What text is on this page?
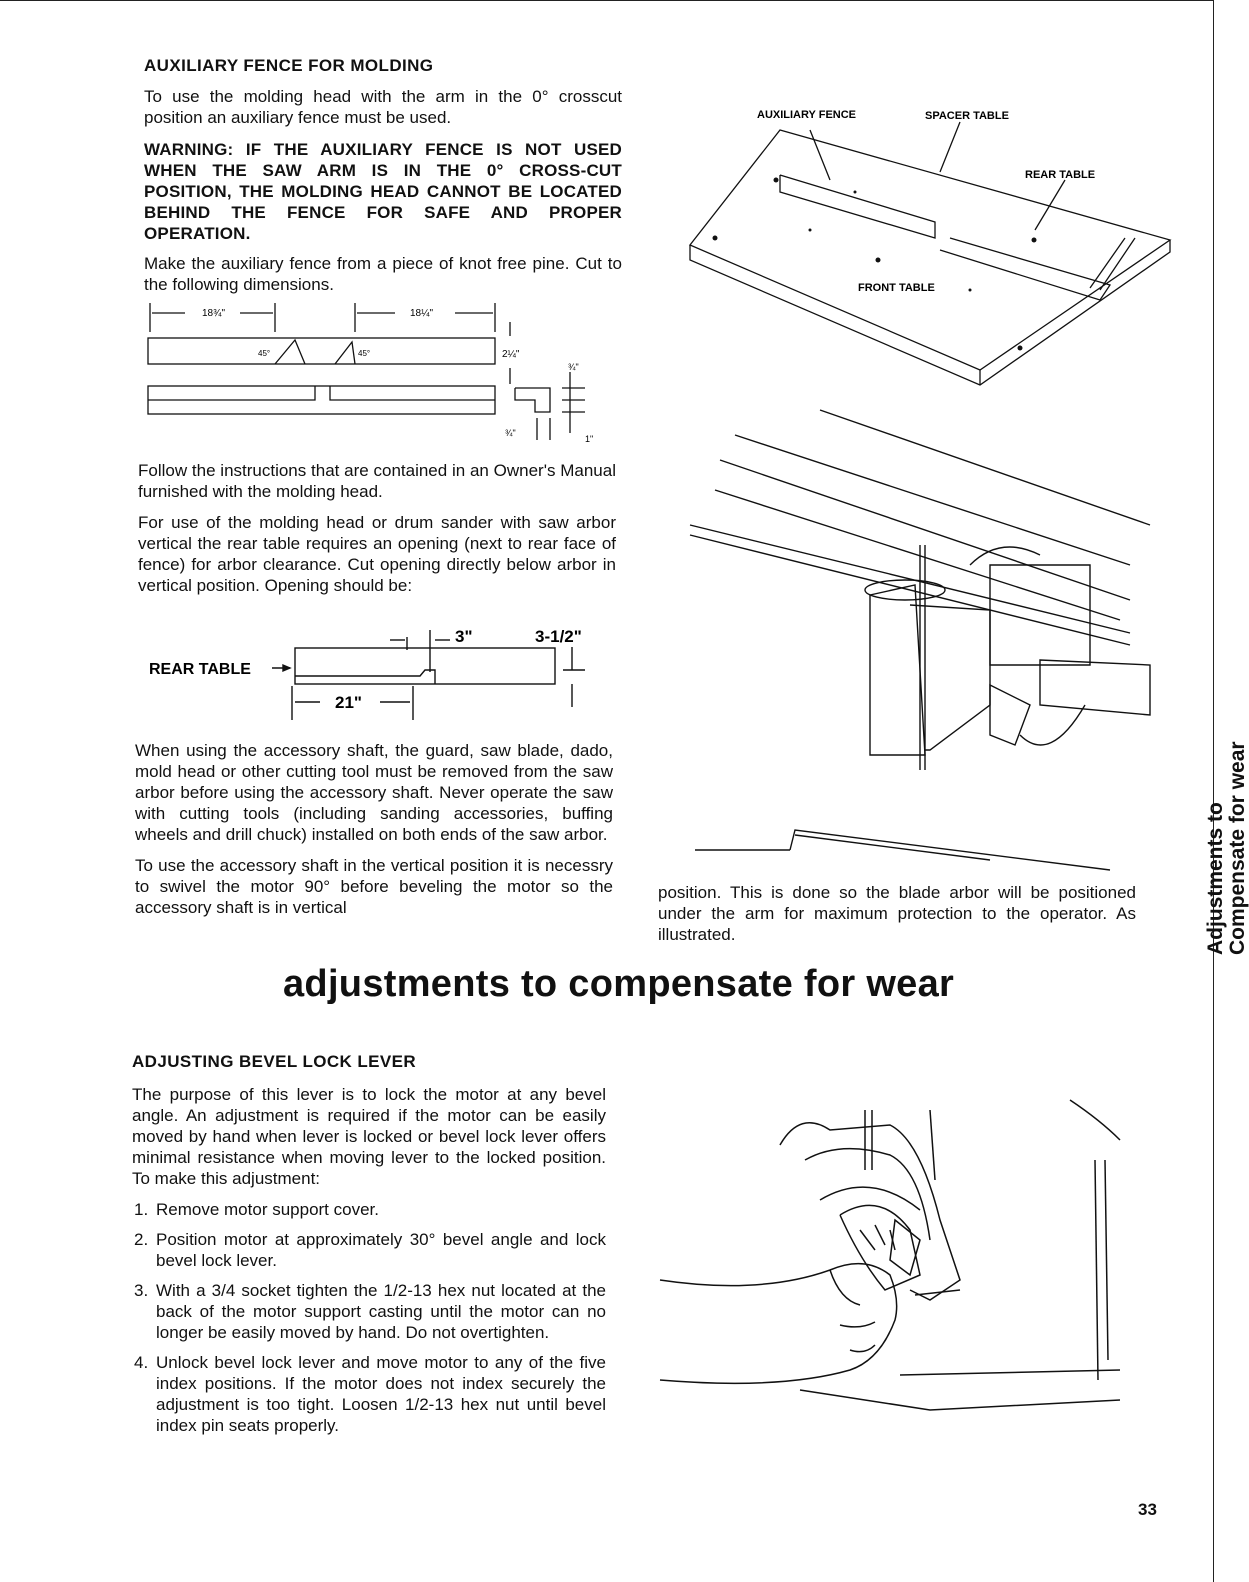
AUXILIARY FENCE FOR MOLDING

To use the molding head with the arm in the 0° crosscut position an auxiliary fence must be used.

WARNING: IF THE AUXILIARY FENCE IS NOT USED WHEN THE SAW ARM IS IN THE 0° CROSS-CUT POSITION, THE MOLDING HEAD CANNOT BE LOCATED BEHIND THE FENCE FOR SAFE AND PROPER OPERATION.

Make the auxiliary fence from a piece of knot free pine. Cut to the following dimensions.

18¾"	18¼"
45°	45°	2¼"
¾"
¾"
1"

Follow the instructions that are contained in an Owner's Manual furnished with the molding head.

For use of the molding head or drum sander with saw arbor vertical the rear table requires an opening (next to rear face of fence) for arbor clearance. Cut opening directly below arbor in vertical position. Opening should be:

REAR TABLE
3"	3-1/2"
21"

When using the accessory shaft, the guard, saw blade, dado, mold head or other cutting tool must be removed from the saw arbor before using the accessory shaft. Never operate the saw with cutting tools (including sanding accessories, buffing wheels and drill chuck) installed on both ends of the saw arbor.

To use the accessory shaft in the vertical position it is necessry to swivel the motor 90° before beveling the motor so the accessory shaft is in vertical

AUXILIARY FENCE	SPACER TABLE
REAR TABLE
FRONT TABLE

position. This is done so the blade arbor will be positioned under the arm for maximum protection to the operator. As illustrated.	Adjustments to Compensate for wear
adjustments to compensate for wear
ADJUSTING BEVEL LOCK LEVER

The purpose of this lever is to lock the motor at any bevel angle. An adjustment is required if the motor can be easily moved by hand when lever is locked or bevel lock lever offers minimal resistance when moving lever to the locked position. To make this adjustment:

1. Remove motor support cover.
2. Position motor at approximately 30° bevel angle and lock bevel lock lever.
3. With a 3/4 socket tighten the 1/2-13 hex nut located at the back of the motor support casting until the motor can no longer be easily moved by hand. Do not overtighten.
4. Unlock bevel lock lever and move motor to any of the five index positions. If the motor does not index securely the adjustment is too tight. Loosen 1/2-13 hex nut until bevel index pin seats properly.
33
